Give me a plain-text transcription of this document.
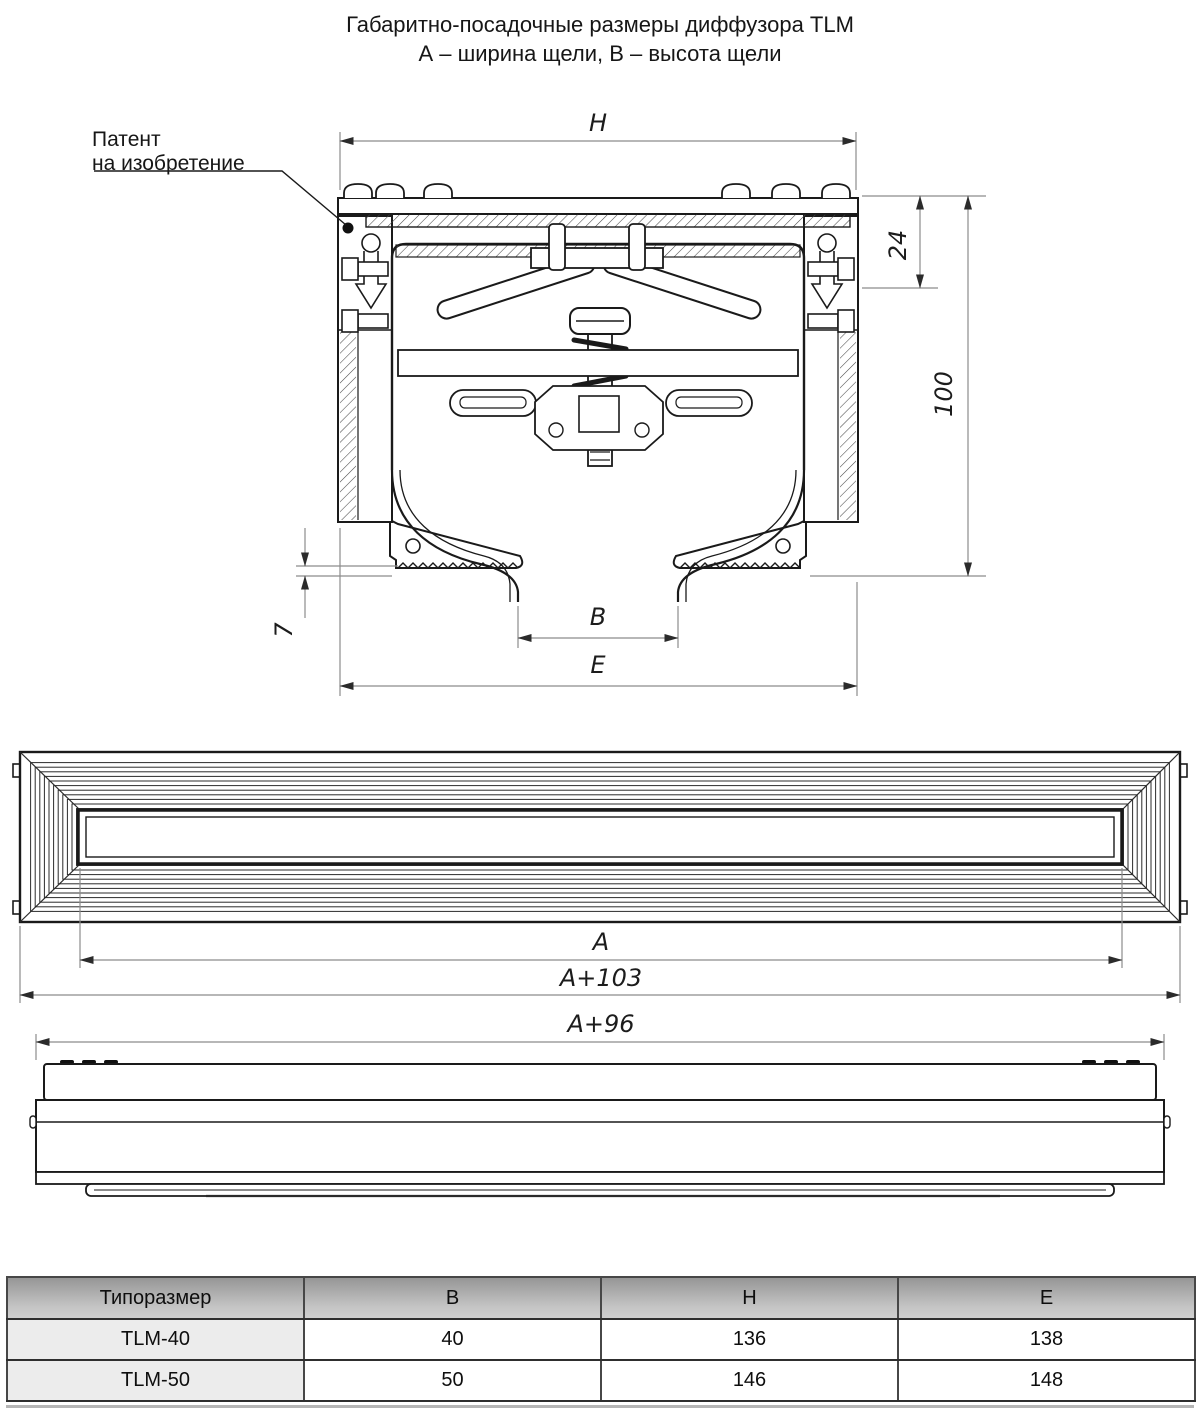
Габаритно-посадочные размеры диффузора TLM
А – ширина щели, В – высота щели
Патент
на изобретение
H
24
100
7	B
E
A
A+103
A+96
Типоразмер	B	H	E
TLM-40	40	136	138
TLM-50	50	146	148
